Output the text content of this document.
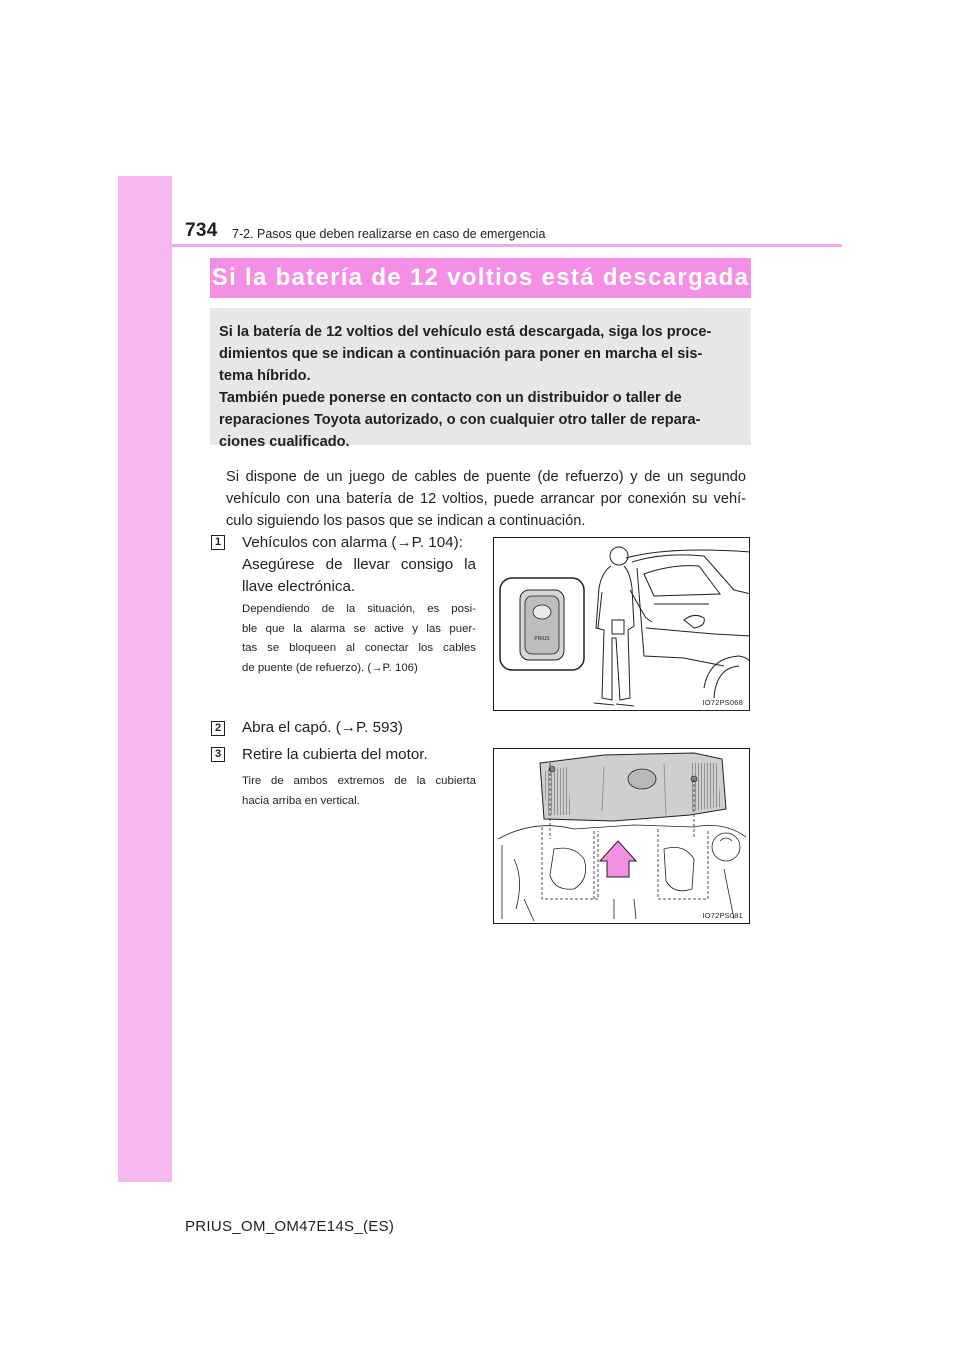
734 7-2. Pasos que deben realizarse en caso de emergencia
Si la batería de 12 voltios está descargada

Si la batería de 12 voltios del vehículo está descargada, siga los proce-

dimientos que se indican a continuación para poner en marcha el sis-

tema híbrido.

También puede ponerse en contacto con un distribuidor o taller de

reparaciones Toyota autorizado, o con cualquier otro taller de repara-

ciones cualificado.

Si dispone de un juego de cables de puente (de refuerzo) y de un segundo
vehículo con una batería de 12 voltios, puede arrancar por conexión su vehí-
culo siguiendo los pasos que se indican a continuación.
1 Vehículos con alarma (→P. 104):
Asegúrese de llevar consigo la
llave electrónica.
Dependiendo de la situación, es posi-
ble que la alarma se active y las puer-
tas se bloqueen al conectar los cables
de puente (de refuerzo). (→P. 106)
PRIUS
IO72PS068
2 Abra el capó. (→P. 593)
3 Retire la cubierta del motor.
Tire de ambos extremos de la cubierta
hacia arriba en vertical.
IO72PS081
PRIUS_OM_OM47E14S_(ES)
